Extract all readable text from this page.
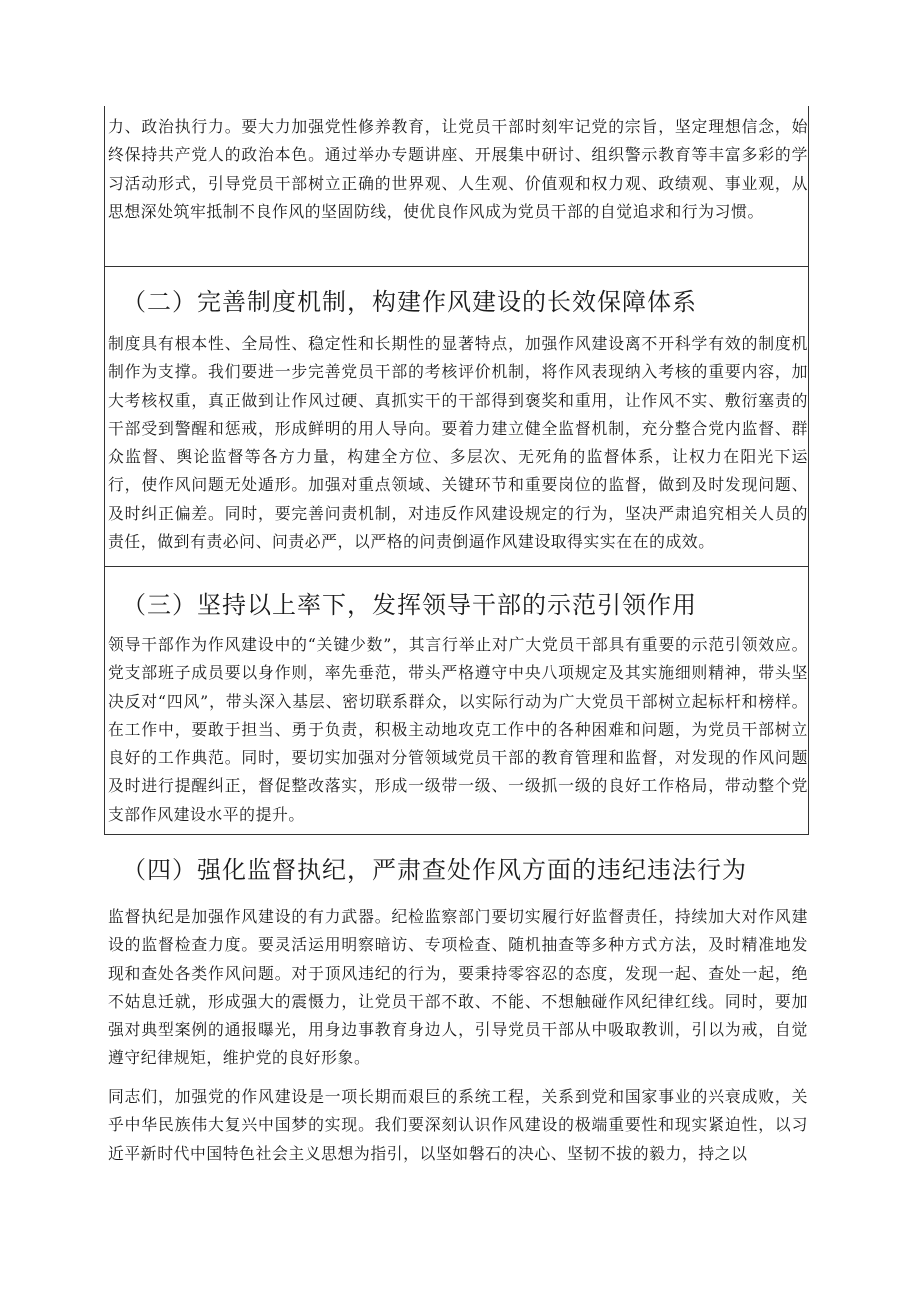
力、政治执行力。要大力加强党性修养教育，让党员干部时刻牢记党的宗旨，坚定理想信念，始终保持共产党人的政治本色。通过举办专题讲座、开展集中研讨、组织警示教育等丰富多彩的学习活动形式，引导党员干部树立正确的世界观、人生观、价值观和权力观、政绩观、事业观，从思想深处筑牢抵制不良作风的坚固防线，使优良作风成为党员干部的自觉追求和行为习惯。

（二）完善制度机制，构建作风建设的长效保障体系

制度具有根本性、全局性、稳定性和长期性的显著特点，加强作风建设离不开科学有效的制度机制作为支撑。我们要进一步完善党员干部的考核评价机制，将作风表现纳入考核的重要内容，加大考核权重，真正做到让作风过硬、真抓实干的干部得到褒奖和重用，让作风不实、敷衍塞责的干部受到警醒和惩戒，形成鲜明的用人导向。要着力建立健全监督机制，充分整合党内监督、群众监督、舆论监督等各方力量，构建全方位、多层次、无死角的监督体系，让权力在阳光下运行，使作风问题无处遁形。加强对重点领域、关键环节和重要岗位的监督，做到及时发现问题、及时纠正偏差。同时，要完善问责机制，对违反作风建设规定的行为，坚决严肃追究相关人员的责任，做到有责必问、问责必严，以严格的问责倒逼作风建设取得实实在在的成效。

（三）坚持以上率下，发挥领导干部的示范引领作用

领导干部作为作风建设中的“关键少数”，其言行举止对广大党员干部具有重要的示范引领效应。党支部班子成员要以身作则，率先垂范，带头严格遵守中央八项规定及其实施细则精神，带头坚决反对“四风”，带头深入基层、密切联系群众，以实际行动为广大党员干部树立起标杆和榜样。在工作中，要敢于担当、勇于负责，积极主动地攻克工作中的各种困难和问题，为党员干部树立良好的工作典范。同时，要切实加强对分管领域党员干部的教育管理和监督，对发现的作风问题及时进行提醒纠正，督促整改落实，形成一级带一级、一级抓一级的良好工作格局，带动整个党支部作风建设水平的提升。

（四）强化监督执纪，严肃查处作风方面的违纪违法行为

监督执纪是加强作风建设的有力武器。纪检监察部门要切实履行好监督责任，持续加大对作风建设的监督检查力度。要灵活运用明察暗访、专项检查、随机抽查等多种方式方法，及时精准地发现和查处各类作风问题。对于顶风违纪的行为，要秉持零容忍的态度，发现一起、查处一起，绝不姑息迁就，形成强大的震慑力，让党员干部不敢、不能、不想触碰作风纪律红线。同时，要加强对典型案例的通报曝光，用身边事教育身边人，引导党员干部从中吸取教训，引以为戒，自觉遵守纪律规矩，维护党的良好形象。

同志们，加强党的作风建设是一项长期而艰巨的系统工程，关系到党和国家事业的兴衰成败，关乎中华民族伟大复兴中国梦的实现。我们要深刻认识作风建设的极端重要性和现实紧迫性，以习近平新时代中国特色社会主义思想为指引，以坚如磐石的决心、坚韧不拔的毅力，持之以
